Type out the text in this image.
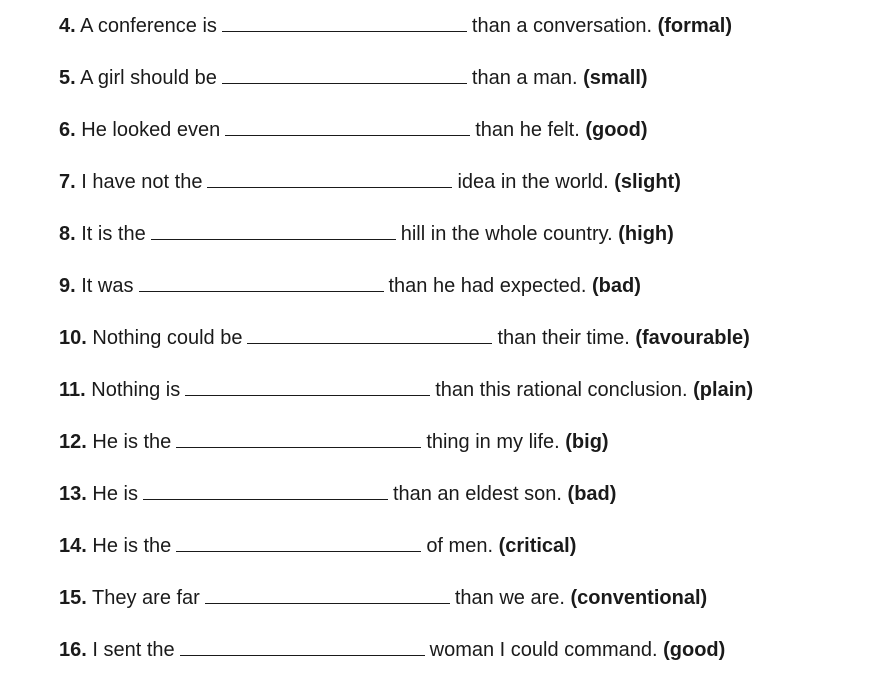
4. A conference is	than a conversation. (formal)
5. A girl should be	than a man. (small)
6. He looked even	than he felt. (good)
7. I have not the	idea in the world. (slight)
8. It is the	hill in the whole country. (high)
9. It was	than he had expected. (bad)
10. Nothing could be	than their time. (favourable)
11. Nothing is	than this rational conclusion. (plain)
12. He is the	thing in my life. (big)
13. He is	than an eldest son. (bad)
14. He is the	of men. (critical)
15. They are far	than we are. (conventional)
16. I sent the	woman I could command. (good)
